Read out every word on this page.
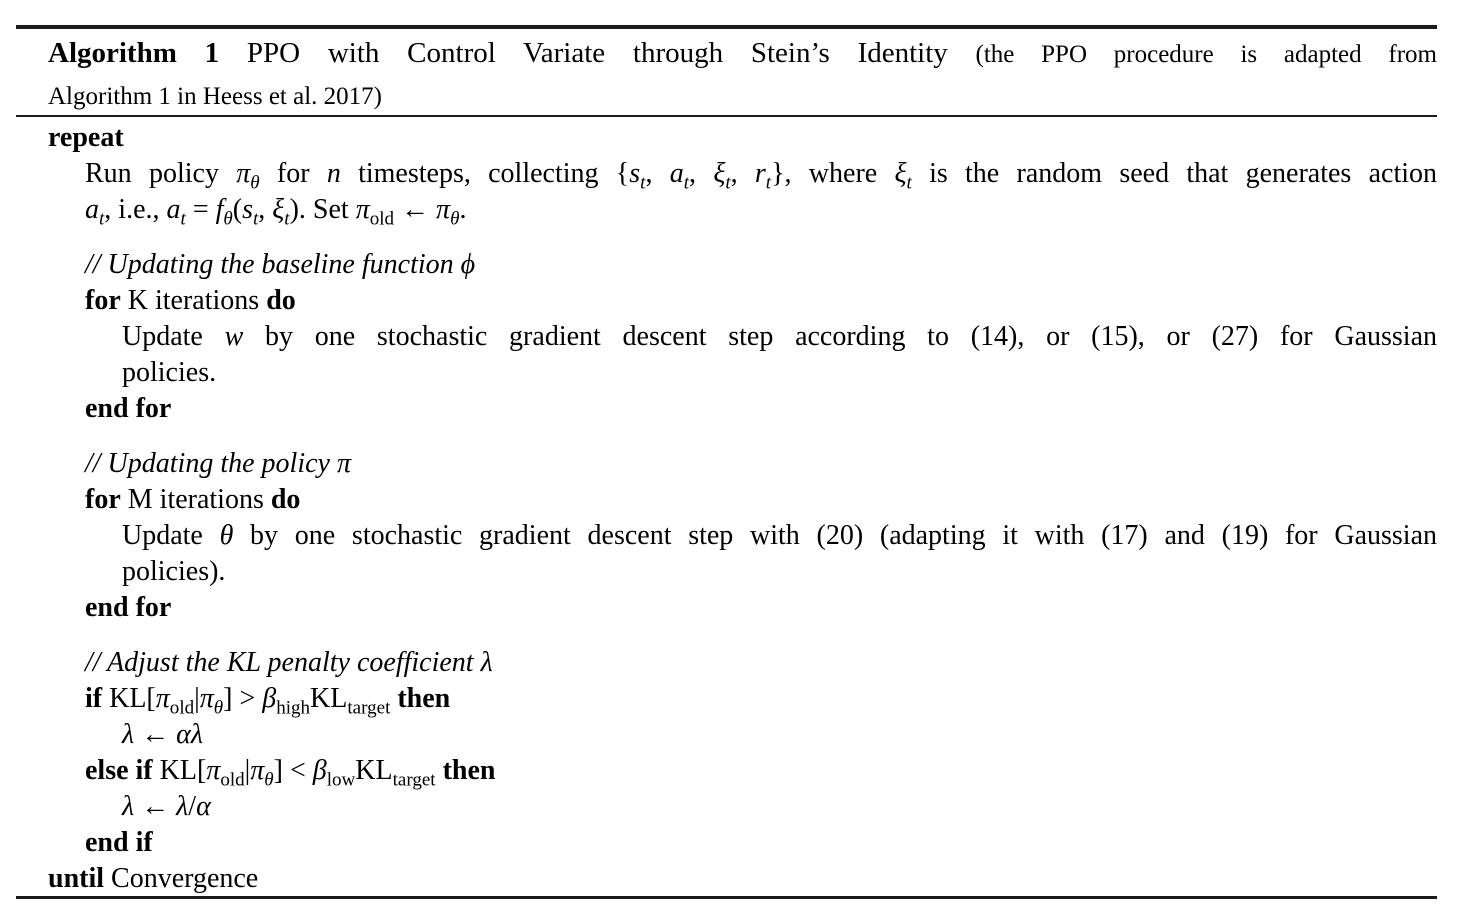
Algorithm 1 PPO with Control Variate through Stein’s Identity (the PPO procedure is adapted from
Algorithm 1 in Heess et al. 2017)
repeat
Run policy $\pi_\theta$ for n timesteps, collecting {$s_t$, $a_t$, $\xi_t$, $r_t$}, where $\xi_t$ is the random seed that generates action
$a_t$, i.e., $a_t = f_\theta(s_t$, $\xi_t$). Set $\pi_{old}$ ← $\pi_\theta$.
// Updating the baseline function ϕ
for K iterations do
Update w by one stochastic gradient descent step according to (14), or (15), or (27) for Gaussian
policies.
end for
// Updating the policy π
for M iterations do
Update θ by one stochastic gradient descent step with (20) (adapting it with (17) and (19) for Gaussian
policies).
end for
// Adjust the KL penalty coefficient λ
if $KL[\pi_{old}|\pi_\theta] > \beta_{high}KL_{target}$ then
λ ← αλ
else if $KL[\pi_{old}|\pi_\theta] < \beta_{low}KL_{target}$ then
λ ← λ/α
end if
until Convergence
